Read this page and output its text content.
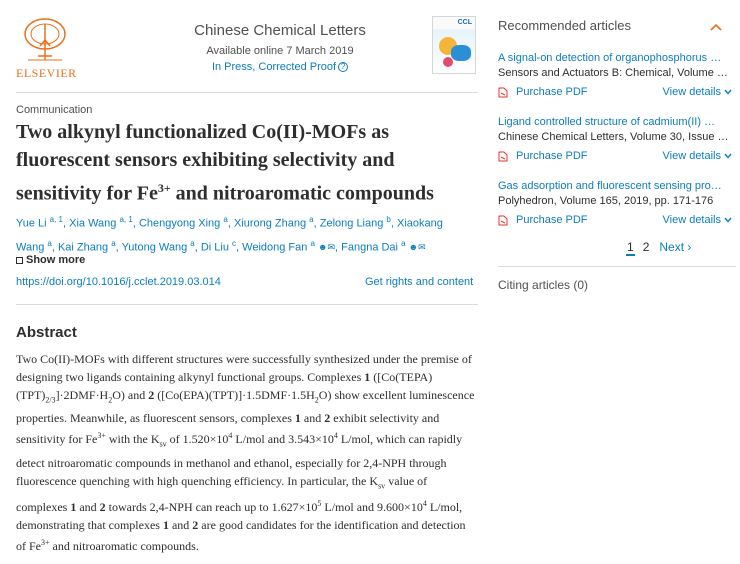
ELSEVIER
Chinese Chemical Letters
Available online 7 March 2019
In Press, Corrected Proof ?
CCL
Communication
Two alkynyl functionalized Co(II)-MOFs as fluorescent sensors exhibiting selectivity and sensitivity for $Fe^{3+}$ and nitroaromatic compounds
Yue Li $^{a, 1}$, Xia Wang $^{a, 1}$, Chengyong Xing $^a$, Xiurong Zhang $^a$, Zelong Liang $^b$, Xiaokang Wang $^a$, Kai Zhang $^a$, Yutong Wang $^a$, Di Liu $^c$, Weidong Fan $^a$ ☻✉, Fangna Dai $^a$ ☻✉
Show more
https://doi.org/10.1016/j.cclet.2019.03.014	Get rights and content
Abstract

Two Co(II)-MOFs with different structures were successfully synthesized under the premise of designing two ligands containing alkynyl functional groups. Complexes 1 $([Co(TEPA)(TPT)_{2/3}]\cdot 2DMF\cdot H_2O)$ and 2 $([Co(EPA)(TPT)]\cdot 1.5DMF\cdot 1.5H_2O)$ show excellent luminescence properties. Meanwhile, as fluorescent sensors, complexes 1 and 2 exhibit selectivity and sensitivity for $Fe^{3+}$ with the $K_{sv}$ of $1.520\times 10^4$ L/mol and $3.543\times 10^4$ L/mol, which can rapidly detect nitroaromatic compounds in methanol and ethanol, especially for 2,4-NPH through fluorescence quenching with high quenching efficiency. In particular, the $K_{sv}$ value of complexes 1 and 2 towards 2,4-NPH can reach up to $1.627\times 10^5$ L/mol and $9.600\times 10^4$ L/mol, demonstrating that complexes 1 and 2 are good candidates for the identification and detection of $Fe^{3+}$ and nitroaromatic compounds.

Recommended articles
A signal-on detection of organophosphorus …
Sensors and Actuators B: Chemical, Volume …
Purchase PDF	View details
Ligand controlled structure of cadmium(II) …
Chinese Chemical Letters, Volume 30, Issue …
Purchase PDF	View details
Gas adsorption and fluorescent sensing pro…
Polyhedron, Volume 165, 2019, pp. 171-176
Purchase PDF	View details
1 2 Next ›
Citing articles (0)
